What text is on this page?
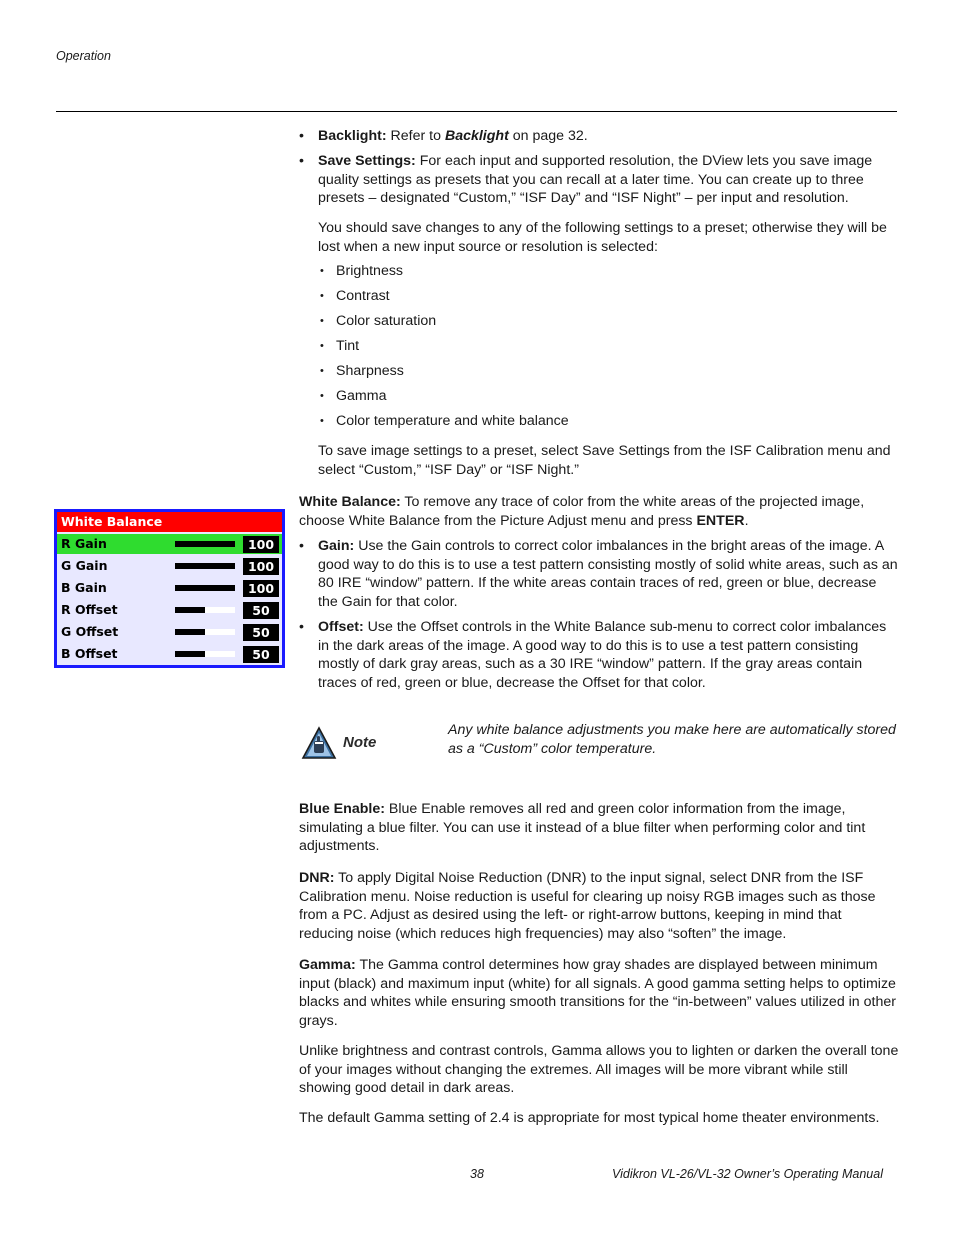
Operation
• Backlight: Refer to Backlight on page 32.
• Save Settings: For each input and supported resolution, the DView lets you save image quality settings as presets that you can recall at a later time. You can create up to three presets – designated “Custom,” “ISF Day” and “ISF Night” – per input and resolution.
You should save changes to any of the following settings to a preset; otherwise they will be lost when a new input source or resolution is selected:
• Brightness
• Contrast
• Color saturation
• Tint
• Sharpness
• Gamma
• Color temperature and white balance
To save image settings to a preset, select Save Settings from the ISF Calibration menu and select “Custom,” “ISF Day” or “ISF Night.”
White Balance: To remove any trace of color from the white areas of the projected image, choose White Balance from the Picture Adjust menu and press ENTER.
• Gain: Use the Gain controls to correct color imbalances in the bright areas of the image. A good way to do this is to use a test pattern consisting mostly of solid white areas, such as an 80 IRE “window” pattern. If the white areas contain traces of red, green or blue, decrease the Gain for that color.
• Offset: Use the Offset controls in the White Balance sub-menu to correct color imbalances in the dark areas of the image. A good way to do this is to use a test pattern consisting mostly of dark gray areas, such as a 30 IRE “window” pattern. If the gray areas contain traces of red, green or blue, decrease the Offset for that color.
White Balance
R Gain	100
G Gain	100
B Gain	100
R Offset	50
G Offset	50
B Offset	50
Note
Any white balance adjustments you make here are automatically stored as a “Custom” color temperature.
Blue Enable: Blue Enable removes all red and green color information from the image, simulating a blue filter. You can use it instead of a blue filter when performing color and tint adjustments.
DNR: To apply Digital Noise Reduction (DNR) to the input signal, select DNR from the ISF Calibration menu. Noise reduction is useful for clearing up noisy RGB images such as those from a PC. Adjust as desired using the left- or right-arrow buttons, keeping in mind that reducing noise (which reduces high frequencies) may also “soften” the image.
Gamma: The Gamma control determines how gray shades are displayed between minimum input (black) and maximum input (white) for all signals. A good gamma setting helps to optimize blacks and whites while ensuring smooth transitions for the “in-between” values utilized in other grays.
Unlike brightness and contrast controls, Gamma allows you to lighten or darken the overall tone of your images without changing the extremes. All images will be more vibrant while still showing good detail in dark areas.
The default Gamma setting of 2.4 is appropriate for most typical home theater environments.
38	Vidikron VL-26/VL-32 Owner’s Operating Manual
